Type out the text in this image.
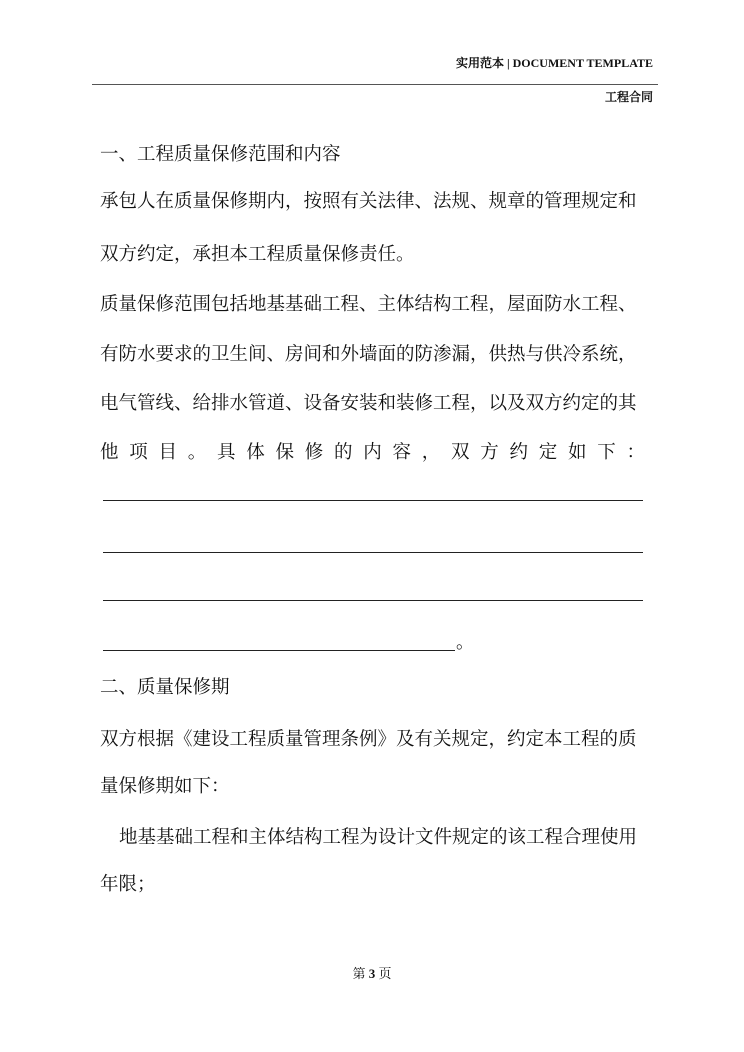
实用范本 | DOCUMENT TEMPLATE
工程合同
一、工程质量保修范围和内容
承包人在质量保修期内，按照有关法律、法规、规章的管理规定和
双方约定，承担本工程质量保修责任。
质量保修范围包括地基基础工程、主体结构工程，屋面防水工程、
有防水要求的卫生间、房间和外墙面的防渗漏，供热与供冷系统，
电气管线、给排水管道、设备安装和装修工程，以及双方约定的其
他 项 目 。 具 体 保 修 的 内 容 ， 双 方 约 定 如 下 ：
。
二、质量保修期
双方根据《建设工程质量管理条例》及有关规定，约定本工程的质
量保修期如下：
地基基础工程和主体结构工程为设计文件规定的该工程合理使用
年限；
第 3 页
